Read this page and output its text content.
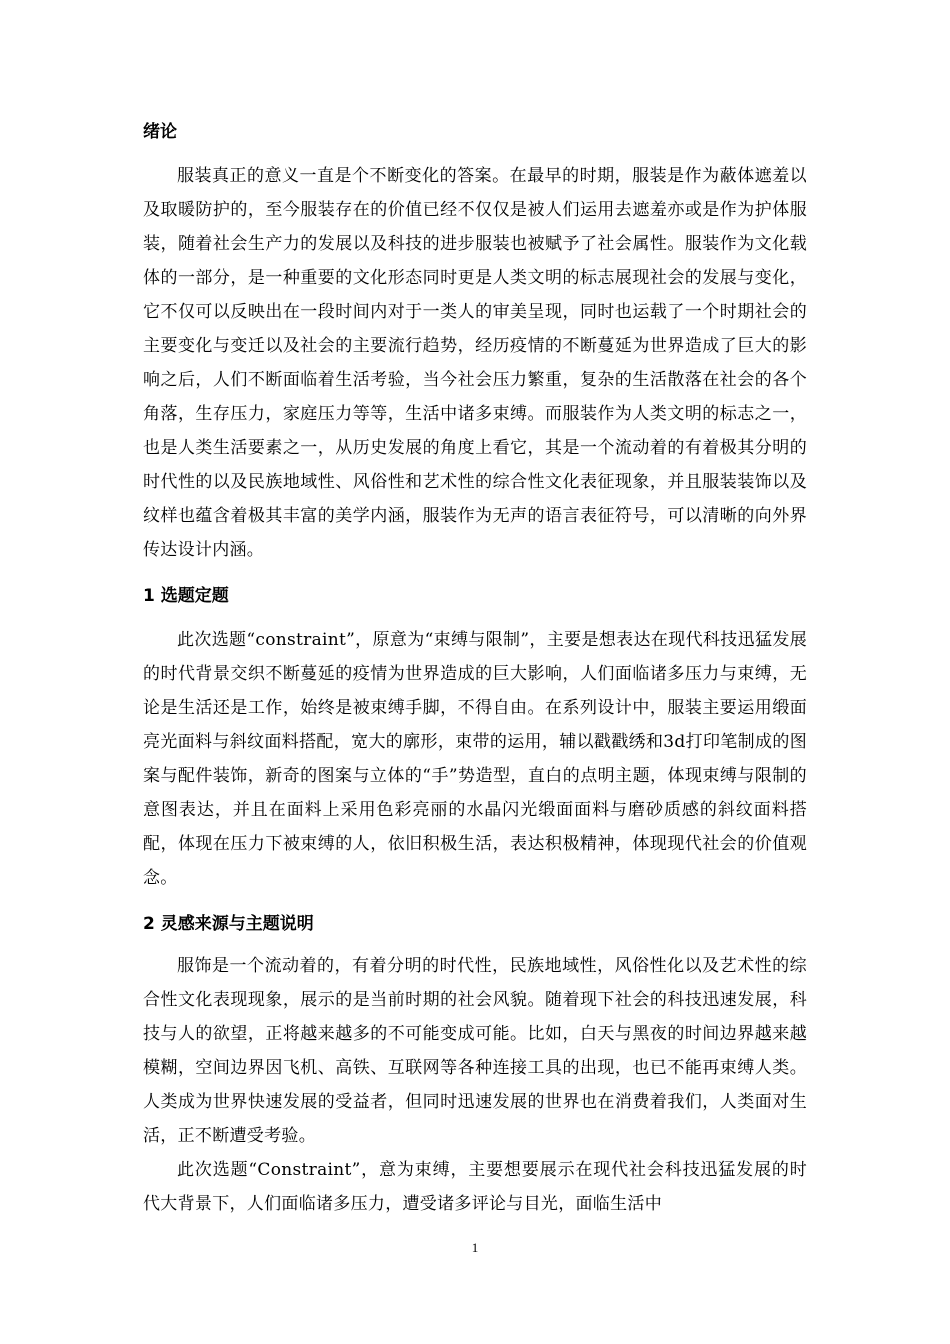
绪论

服装真正的意义一直是个不断变化的答案。在最早的时期，服装是作为蔽体遮羞以及取暖防护的，至今服装存在的价值已经不仅仅是被人们运用去遮羞亦或是作为护体服装，随着社会生产力的发展以及科技的进步服装也被赋予了社会属性。服装作为文化载体的一部分，是一种重要的文化形态同时更是人类文明的标志展现社会的发展与变化，它不仅可以反映出在一段时间内对于一类人的审美呈现，同时也运载了一个时期社会的主要变化与变迁以及社会的主要流行趋势，经历疫情的不断蔓延为世界造成了巨大的影响之后，人们不断面临着生活考验，当今社会压力繁重，复杂的生活散落在社会的各个角落，生存压力，家庭压力等等，生活中诸多束缚。而服装作为人类文明的标志之一，也是人类生活要素之一，从历史发展的角度上看它，其是一个流动着的有着极其分明的时代性的以及民族地域性、风俗性和艺术性的综合性文化表征现象，并且服装装饰以及纹样也蕴含着极其丰富的美学内涵，服装作为无声的语言表征符号，可以清晰的向外界传达设计内涵。

1 选题定题

此次选题“constraint”，原意为“束缚与限制”，主要是想表达在现代科技迅猛发展的时代背景交织不断蔓延的疫情为世界造成的巨大影响，人们面临诸多压力与束缚，无论是生活还是工作，始终是被束缚手脚，不得自由。在系列设计中，服装主要运用缎面亮光面料与斜纹面料搭配，宽大的廓形，束带的运用，辅以戳戳绣和3d打印笔制成的图案与配件装饰，新奇的图案与立体的“手”势造型，直白的点明主题，体现束缚与限制的意图表达，并且在面料上采用色彩亮丽的水晶闪光缎面面料与磨砂质感的斜纹面料搭配，体现在压力下被束缚的人，依旧积极生活，表达积极精神，体现现代社会的价值观念。

2 灵感来源与主题说明

服饰是一个流动着的，有着分明的时代性，民族地域性，风俗性化以及艺术性的综合性文化表现现象，展示的是当前时期的社会风貌。随着现下社会的科技迅速发展，科技与人的欲望，正将越来越多的不可能变成可能。比如，白天与黑夜的时间边界越来越模糊，空间边界因飞机、高铁、互联网等各种连接工具的出现，也已不能再束缚人类。人类成为世界快速发展的受益者，但同时迅速发展的世界也在消费着我们，人类面对生活，正不断遭受考验。

此次选题“Constraint”，意为束缚，主要想要展示在现代社会科技迅猛发展的时代大背景下，人们面临诸多压力，遭受诸多评论与目光，面临生活中

1
